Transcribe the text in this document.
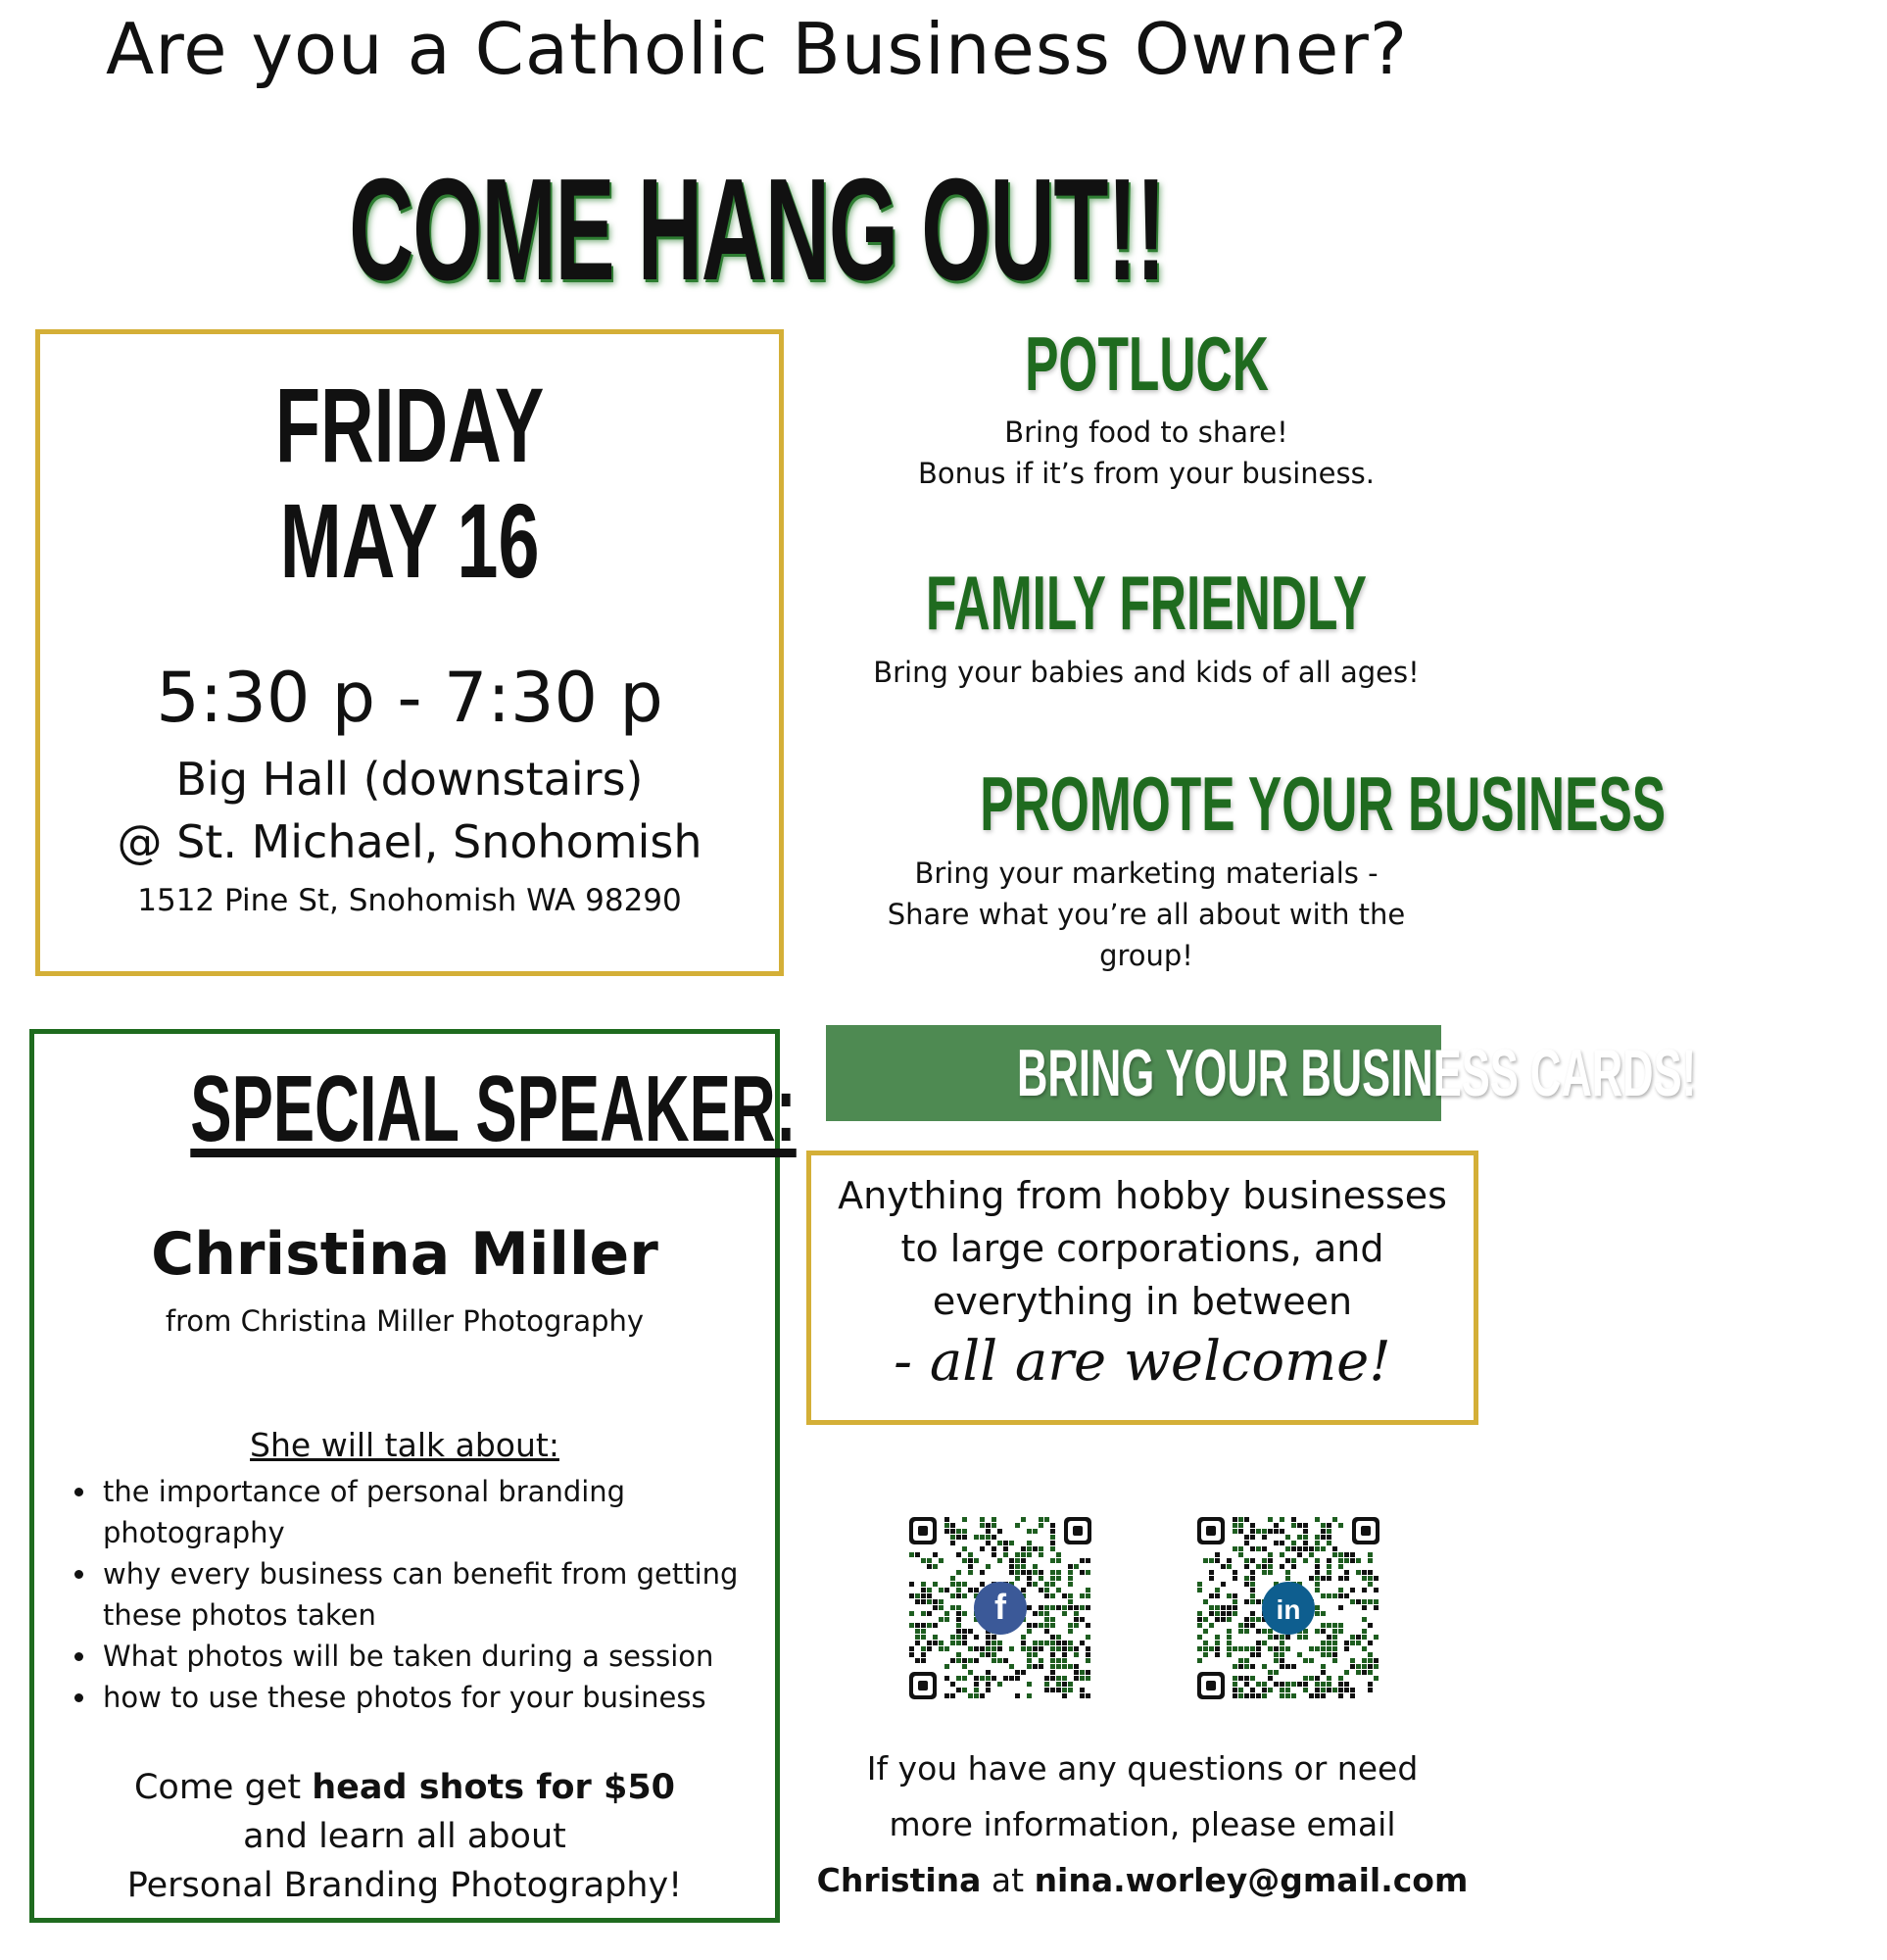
Are you a Catholic Business Owner?
COME HANG OUT!!
FRIDAY
MAY 16
5:30 p - 7:30 p
Big Hall (downstairs)
@ St. Michael, Snohomish
1512 Pine St, Snohomish WA 98290
POTLUCK
Bring food to share!
Bonus if it’s from your business.
FAMILY FRIENDLY
Bring your babies and kids of all ages!
PROMOTE YOUR BUSINESS
Bring your marketing materials -
Share what you’re all about with the
group!
BRING YOUR BUSINESS CARDS!
Anything from hobby businesses
to large corporations, and
everything in between
- all are welcome!
SPECIAL SPEAKER:
Christina Miller
from Christina Miller Photography
She will talk about:
• the importance of personal branding photography
• why every business can benefit from getting these photos taken
• What photos will be taken during a session
• how to use these photos for your business
Come get head shots for $50
and learn all about
Personal Branding Photography!
f	in
If you have any questions or need
more information, please email
Christina at nina.worley@gmail.com
